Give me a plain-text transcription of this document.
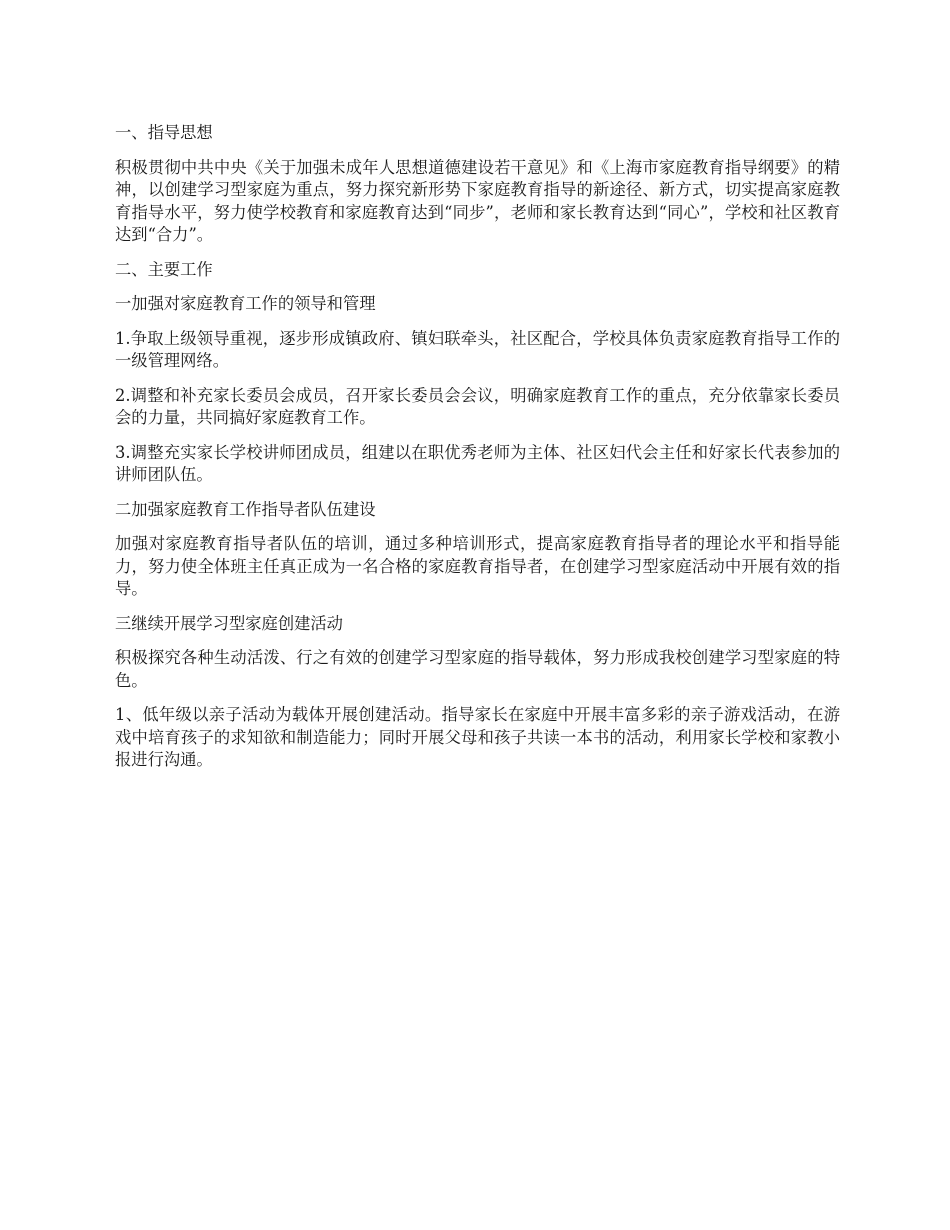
一、指导思想

积极贯彻中共中央《关于加强未成年人思想道德建设若干意见》和《上海市家庭教育指导纲要》的精神，以创建学习型家庭为重点，努力探究新形势下家庭教育指导的新途径、新方式，切实提高家庭教育指导水平，努力使学校教育和家庭教育达到“同步”，老师和家长教育达到“同心”，学校和社区教育达到“合力”。

二、主要工作

一加强对家庭教育工作的领导和管理

1.争取上级领导重视，逐步形成镇政府、镇妇联牵头，社区配合，学校具体负责家庭教育指导工作的一级管理网络。

2.调整和补充家长委员会成员，召开家长委员会会议，明确家庭教育工作的重点，充分依靠家长委员会的力量，共同搞好家庭教育工作。

3.调整充实家长学校讲师团成员，组建以在职优秀老师为主体、社区妇代会主任和好家长代表参加的讲师团队伍。

二加强家庭教育工作指导者队伍建设

加强对家庭教育指导者队伍的培训，通过多种培训形式，提高家庭教育指导者的理论水平和指导能力，努力使全体班主任真正成为一名合格的家庭教育指导者，在创建学习型家庭活动中开展有效的指导。

三继续开展学习型家庭创建活动

积极探究各种生动活泼、行之有效的创建学习型家庭的指导载体，努力形成我校创建学习型家庭的特色。

1、低年级以亲子活动为载体开展创建活动。指导家长在家庭中开展丰富多彩的亲子游戏活动，在游戏中培育孩子的求知欲和制造能力；同时开展父母和孩子共读一本书的活动，利用家长学校和家教小报进行沟通。
